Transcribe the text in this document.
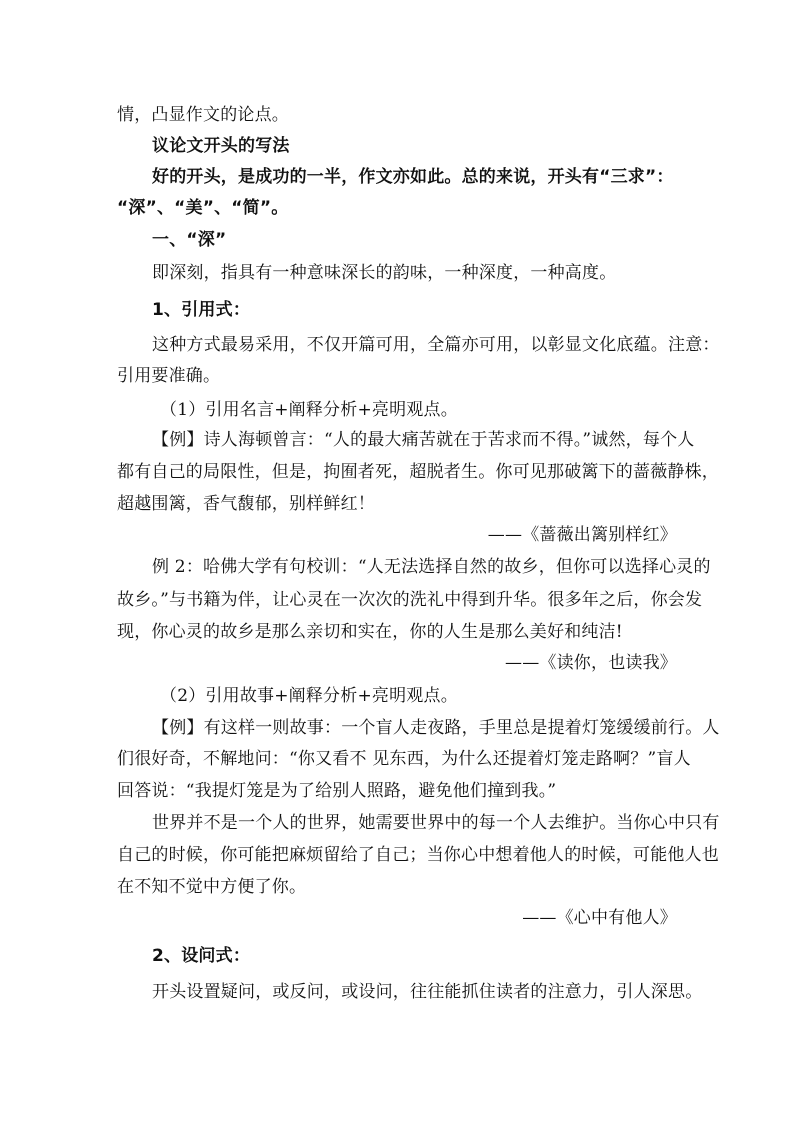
情，凸显作文的论点。
议论文开头的写法
好的开头，是成功的一半，作文亦如此。总的来说，开头有“三求”：
“深”、“美”、“简”。
一、“深”
即深刻，指具有一种意味深长的韵味，一种深度，一种高度。
1、引用式：
这种方式最易采用，不仅开篇可用，全篇亦可用，以彰显文化底蕴。注意：
引用要准确。
（1）引用名言+阐释分析+亮明观点。
【例】诗人海顿曾言：“人的最大痛苦就在于苦求而不得。”诚然，每个人
都有自己的局限性，但是，拘囿者死，超脱者生。你可见那破篱下的蔷薇静株，
超越围篱，香气馥郁，别样鲜红！
——《蔷薇出篱别样红》
例 2：哈佛大学有句校训：“人无法选择自然的故乡，但你可以选择心灵的
故乡。”与书籍为伴，让心灵在一次次的洗礼中得到升华。很多年之后，你会发
现，你心灵的故乡是那么亲切和实在，你的人生是那么美好和纯洁!
——《读你，也读我》
（2）引用故事+阐释分析+亮明观点。
【例】有这样一则故事：一个盲人走夜路，手里总是提着灯笼缓缓前行。人
们很好奇，不解地问：“你又看不 见东西，为什么还提着灯笼走路啊？”盲人
回答说：“我提灯笼是为了给别人照路，避免他们撞到我。”
世界并不是一个人的世界，她需要世界中的每一个人去维护。当你心中只有
自己的时候，你可能把麻烦留给了自己；当你心中想着他人的时候，可能他人也
在不知不觉中方便了你。
——《心中有他人》
2、设问式：
开头设置疑问，或反问，或设问，往往能抓住读者的注意力，引人深思。
